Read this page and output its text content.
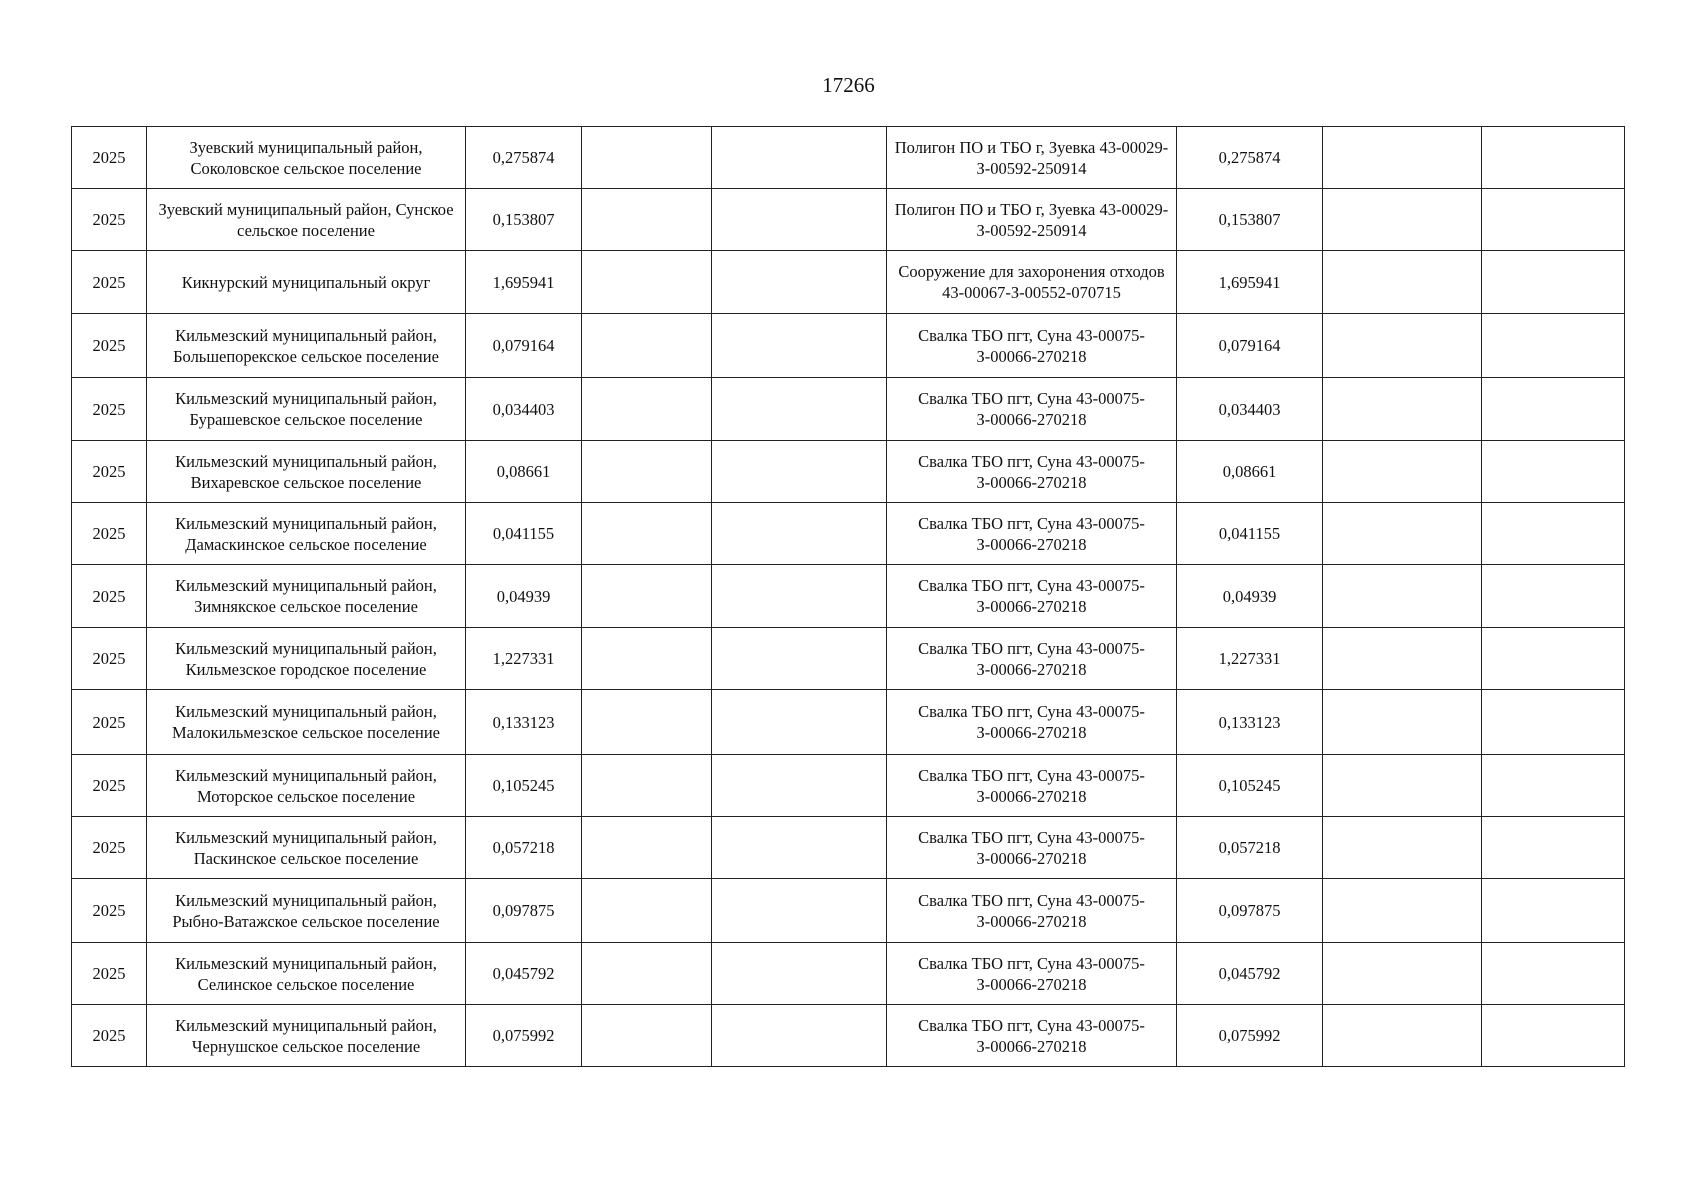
17266
2025	Зуевский муниципальный район, Соколовское сельское поселение	0,275874			Полигон ПО и ТБО г, Зуевка 43-00029-З-00592-250914	0,275874		
2025	Зуевский муниципальный район, Сунское сельское поселение	0,153807			Полигон ПО и ТБО г, Зуевка 43-00029-З-00592-250914	0,153807		
2025	Кикнурский муниципальный округ	1,695941			Сооружение для захоронения отходов 43-00067-З-00552-070715	1,695941		
2025	Кильмезский муниципальный район, Большепорекское сельское поселение	0,079164			Свалка ТБО пгт, Суна 43-00075-З-00066-270218	0,079164		
2025	Кильмезский муниципальный район, Бурашевское сельское поселение	0,034403			Свалка ТБО пгт, Суна 43-00075-З-00066-270218	0,034403		
2025	Кильмезский муниципальный район, Вихаревское сельское поселение	0,08661			Свалка ТБО пгт, Суна 43-00075-З-00066-270218	0,08661		
2025	Кильмезский муниципальный район, Дамаскинское сельское поселение	0,041155			Свалка ТБО пгт, Суна 43-00075-З-00066-270218	0,041155		
2025	Кильмезский муниципальный район, Зимнякское сельское поселение	0,04939			Свалка ТБО пгт, Суна 43-00075-З-00066-270218	0,04939		
2025	Кильмезский муниципальный район, Кильмезское городское поселение	1,227331			Свалка ТБО пгт, Суна 43-00075-З-00066-270218	1,227331		
2025	Кильмезский муниципальный район, Малокильмезское сельское поселение	0,133123			Свалка ТБО пгт, Суна 43-00075-З-00066-270218	0,133123		
2025	Кильмезский муниципальный район, Моторское сельское поселение	0,105245			Свалка ТБО пгт, Суна 43-00075-З-00066-270218	0,105245		
2025	Кильмезский муниципальный район, Паскинское сельское поселение	0,057218			Свалка ТБО пгт, Суна 43-00075-З-00066-270218	0,057218		
2025	Кильмезский муниципальный район, Рыбно-Ватажское сельское поселение	0,097875			Свалка ТБО пгт, Суна 43-00075-З-00066-270218	0,097875		
2025	Кильмезский муниципальный район, Селинское сельское поселение	0,045792			Свалка ТБО пгт, Суна 43-00075-З-00066-270218	0,045792		
2025	Кильмезский муниципальный район, Чернушское сельское поселение	0,075992			Свалка ТБО пгт, Суна 43-00075-З-00066-270218	0,075992		
